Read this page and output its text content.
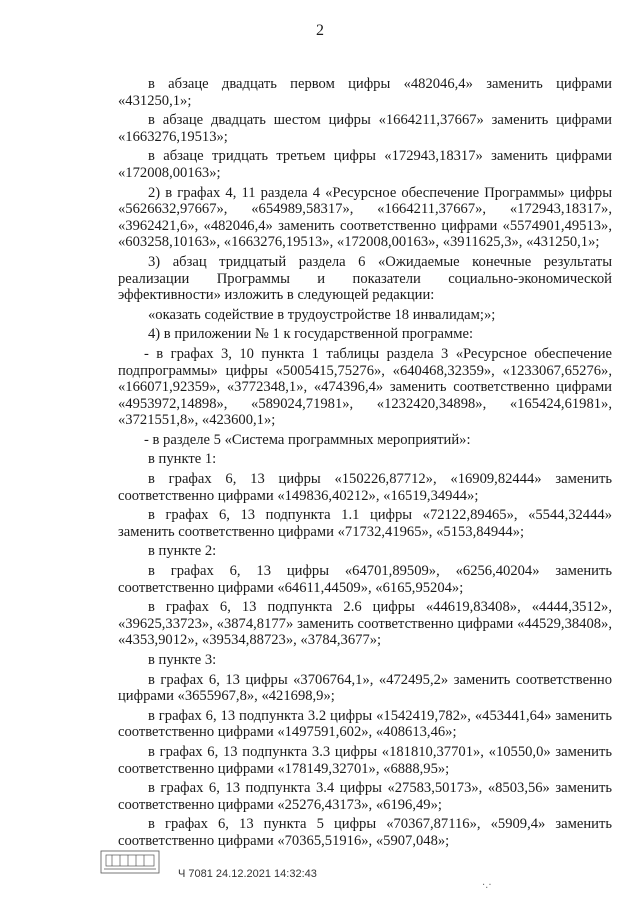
2

в абзаце двадцать первом цифры «482046,4» заменить цифрами «431250,1»;

в абзаце двадцать шестом цифры «1664211,37667» заменить цифрами «1663276,19513»;

в абзаце тридцать третьем цифры «172943,18317» заменить цифрами «172008,00163»;

2) в графах 4, 11 раздела 4 «Ресурсное обеспечение Программы» цифры «5626632,97667», «654989,58317», «1664211,37667», «172943,18317», «3962421,6», «482046,4» заменить соответственно цифрами «5574901,49513», «603258,10163», «1663276,19513», «172008,00163», «3911625,3», «431250,1»;

3) абзац тридцатый раздела 6 «Ожидаемые конечные результаты реализации Программы и показатели социально-экономической эффективности» изложить в следующей редакции:

«оказать содействие в трудоустройстве 18 инвалидам;»;

4) в приложении № 1 к государственной программе:

- в графах 3, 10 пункта 1 таблицы раздела 3 «Ресурсное обеспечение подпрограммы» цифры «5005415,75276», «640468,32359», «1233067,65276», «166071,92359», «3772348,1», «474396,4» заменить соответственно цифрами «4953972,14898», «589024,71981», «1232420,34898», «165424,61981», «3721551,8», «423600,1»;

- в разделе 5 «Система программных мероприятий»:

в пункте 1:

в графах 6, 13 цифры «150226,87712», «16909,82444» заменить соответственно цифрами «149836,40212», «16519,34944»;

в графах 6, 13 подпункта 1.1 цифры «72122,89465», «5544,32444» заменить соответственно цифрами «71732,41965», «5153,84944»;

в пункте 2:

в графах 6, 13 цифры «64701,89509», «6256,40204» заменить соответственно цифрами «64611,44509», «6165,95204»;

в графах 6, 13 подпункта 2.6 цифры «44619,83408», «4444,3512», «39625,33723», «3874,8177» заменить соответственно цифрами «44529,38408», «4353,9012», «39534,88723», «3784,3677»;

в пункте 3:

в графах 6, 13 цифры «3706764,1», «472495,2» заменить соответственно цифрами «3655967,8», «421698,9»;

в графах 6, 13 подпункта 3.2 цифры «1542419,782», «453441,64» заменить соответственно цифрами «1497591,602», «408613,46»;

в графах 6, 13 подпункта 3.3 цифры «181810,37701», «10550,0» заменить соответственно цифрами «178149,32701», «6888,95»;

в графах 6, 13 подпункта 3.4 цифры «27583,50173», «8503,56» заменить соответственно цифрами «25276,43173», «6196,49»;

в графах 6, 13 пункта 5 цифры «70367,87116», «5909,4» заменить соответственно цифрами «70365,51916», «5907,048»;

Ч 7081 24.12.2021 14:32:43
·.·
